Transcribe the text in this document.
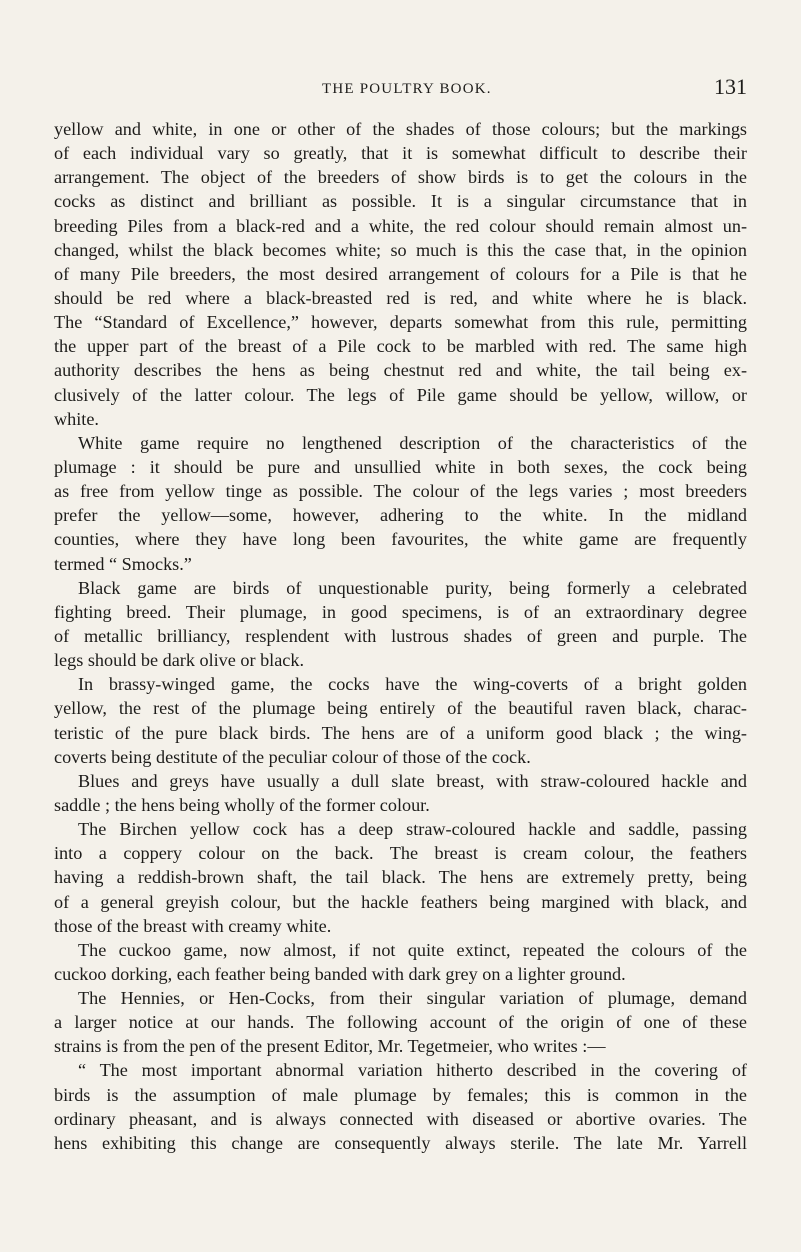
THE POULTRY BOOK.	131
yellow and white, in one or other of the shades of those colours; but the markings
of each individual vary so greatly, that it is somewhat difficult to describe their
arrangement. The object of the breeders of show birds is to get the colours in the
cocks as distinct and brilliant as possible. It is a singular circumstance that in
breeding Piles from a black-red and a white, the red colour should remain almost un-
changed, whilst the black becomes white; so much is this the case that, in the opinion
of many Pile breeders, the most desired arrangement of colours for a Pile is that he
should be red where a black-breasted red is red, and white where he is black.
The “Standard of Excellence,” however, departs somewhat from this rule, permitting
the upper part of the breast of a Pile cock to be marbled with red. The same high
authority describes the hens as being chestnut red and white, the tail being ex-
clusively of the latter colour. The legs of Pile game should be yellow, willow, or
white.
White game require no lengthened description of the characteristics of the
plumage : it should be pure and unsullied white in both sexes, the cock being
as free from yellow tinge as possible. The colour of the legs varies ; most breeders
prefer the yellow—some, however, adhering to the white. In the midland
counties, where they have long been favourites, the white game are frequently
termed “ Smocks.”
Black game are birds of unquestionable purity, being formerly a celebrated
fighting breed. Their plumage, in good specimens, is of an extraordinary degree
of metallic brilliancy, resplendent with lustrous shades of green and purple. The
legs should be dark olive or black.
In brassy-winged game, the cocks have the wing-coverts of a bright golden
yellow, the rest of the plumage being entirely of the beautiful raven black, charac-
teristic of the pure black birds. The hens are of a uniform good black ; the wing-
coverts being destitute of the peculiar colour of those of the cock.
Blues and greys have usually a dull slate breast, with straw-coloured hackle and
saddle ; the hens being wholly of the former colour.
The Birchen yellow cock has a deep straw-coloured hackle and saddle, passing
into a coppery colour on the back. The breast is cream colour, the feathers
having a reddish-brown shaft, the tail black. The hens are extremely pretty, being
of a general greyish colour, but the hackle feathers being margined with black, and
those of the breast with creamy white.
The cuckoo game, now almost, if not quite extinct, repeated the colours of the
cuckoo dorking, each feather being banded with dark grey on a lighter ground.
The Hennies, or Hen-Cocks, from their singular variation of plumage, demand
a larger notice at our hands. The following account of the origin of one of these
strains is from the pen of the present Editor, Mr. Tegetmeier, who writes :—
“ The most important abnormal variation hitherto described in the covering of
birds is the assumption of male plumage by females; this is common in the
ordinary pheasant, and is always connected with diseased or abortive ovaries. The
hens exhibiting this change are consequently always sterile. The late Mr. Yarrell
